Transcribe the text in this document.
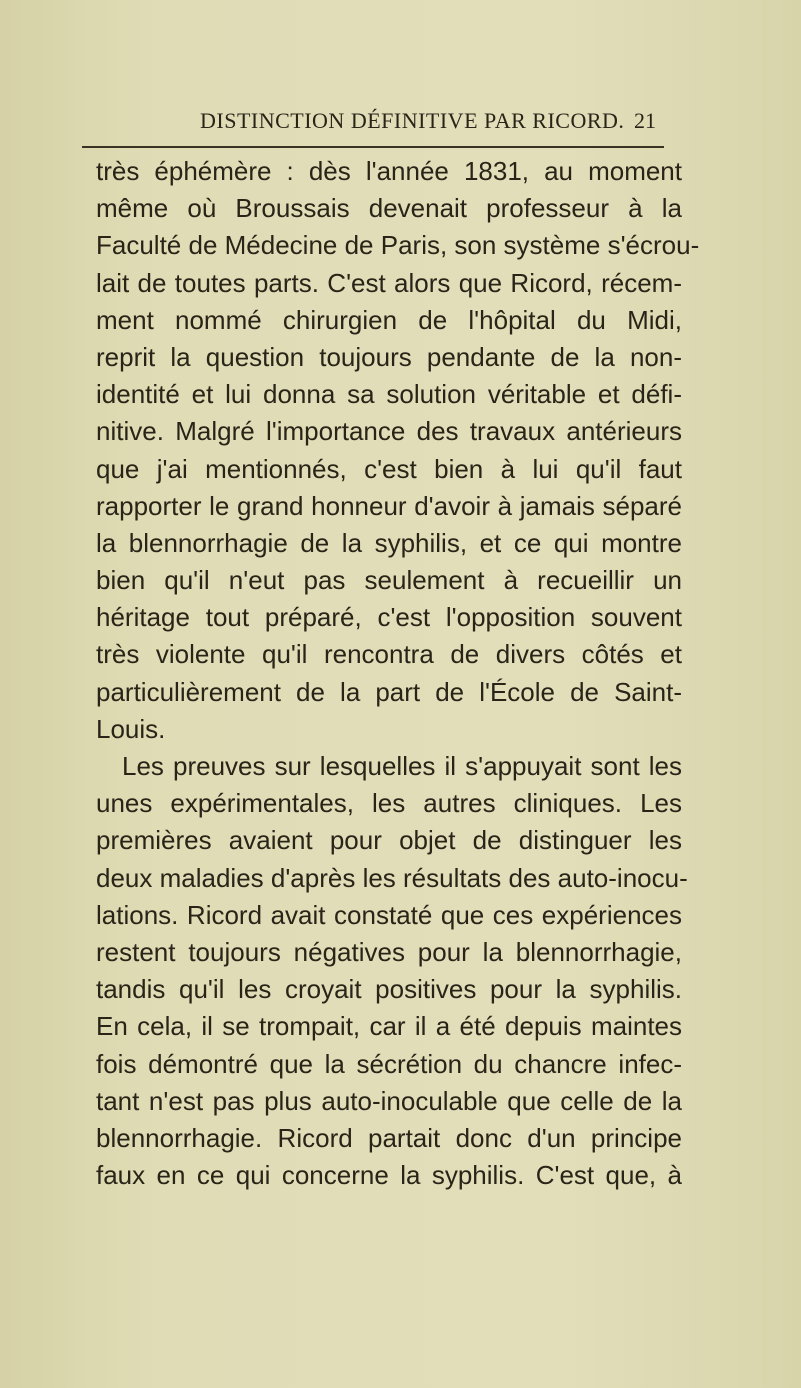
DISTINCTION DÉFINITIVE PAR RICORD. 21
très éphémère : dès l'année 1831, au moment
même où Broussais devenait professeur à la
Faculté de Médecine de Paris, son système s'écrou-
lait de toutes parts. C'est alors que Ricord, récem-
ment nommé chirurgien de l'hôpital du Midi,
reprit la question toujours pendante de la non-
identité et lui donna sa solution véritable et défi-
nitive. Malgré l'importance des travaux antérieurs
que j'ai mentionnés, c'est bien à lui qu'il faut
rapporter le grand honneur d'avoir à jamais séparé
la blennorrhagie de la syphilis, et ce qui montre
bien qu'il n'eut pas seulement à recueillir un
héritage tout préparé, c'est l'opposition souvent
très violente qu'il rencontra de divers côtés et
particulièrement de la part de l'École de Saint-
Louis.
Les preuves sur lesquelles il s'appuyait sont les
unes expérimentales, les autres cliniques. Les
premières avaient pour objet de distinguer les
deux maladies d'après les résultats des auto-inocu-
lations. Ricord avait constaté que ces expériences
restent toujours négatives pour la blennorrhagie,
tandis qu'il les croyait positives pour la syphilis.
En cela, il se trompait, car il a été depuis maintes
fois démontré que la sécrétion du chancre infec-
tant n'est pas plus auto-inoculable que celle de la
blennorrhagie. Ricord partait donc d'un principe
faux en ce qui concerne la syphilis. C'est que, à
